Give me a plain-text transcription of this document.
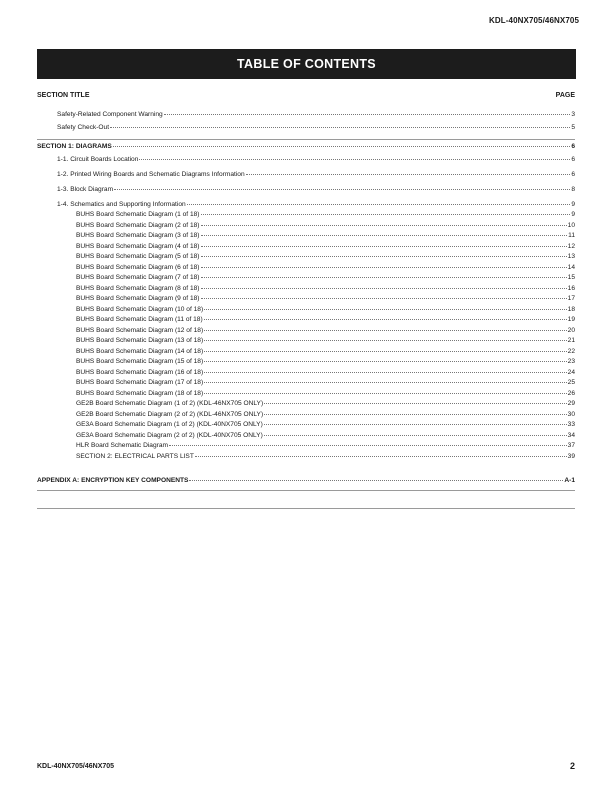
KDL-40NX705/46NX705
TABLE OF CONTENTS
SECTION TITLE	PAGE
Safety-Related Component Warning	3
Safety Check-Out	5
SECTION 1: DIAGRAMS	6
1-1. Circuit Boards Location	6
1-2. Printed Wiring Boards and Schematic Diagrams Information	6
1-3. Block Diagram	8
1-4. Schematics and Supporting Information	9
BUHS Board Schematic Diagram (1 of 18)	9
BUHS Board Schematic Diagram (2 of 18)	10
BUHS Board Schematic Diagram (3 of 18)	11
BUHS Board Schematic Diagram (4 of 18)	12
BUHS Board Schematic Diagram (5 of 18)	13
BUHS Board Schematic Diagram (6 of 18)	14
BUHS Board Schematic Diagram (7 of 18)	15
BUHS Board Schematic Diagram (8 of 18)	16
BUHS Board Schematic Diagram (9 of 18)	17
BUHS Board Schematic Diagram (10 of 18)	18
BUHS Board Schematic Diagram (11 of 18)	19
BUHS Board Schematic Diagram (12 of 18)	20
BUHS Board Schematic Diagram (13 of 18)	21
BUHS Board Schematic Diagram (14 of 18)	22
BUHS Board Schematic Diagram (15 of 18)	23
BUHS Board Schematic Diagram (16 of 18)	24
BUHS Board Schematic Diagram (17 of 18)	25
BUHS Board Schematic Diagram (18 of 18)	26
GE2B Board Schematic Diagram (1 of 2) (KDL-46NX705 ONLY)	29
GE2B Board Schematic Diagram (2 of 2) (KDL-46NX705 ONLY)	30
GE3A Board Schematic Diagram (1 of 2) (KDL-40NX705 ONLY)	33
GE3A Board Schematic Diagram (2 of 2) (KDL-40NX705 ONLY)	34
HLR Board Schematic Diagram	37
SECTION 2: ELECTRICAL PARTS LIST	39
APPENDIX A: ENCRYPTION KEY COMPONENTS	A-1
KDL-40NX705/46NX705	2
